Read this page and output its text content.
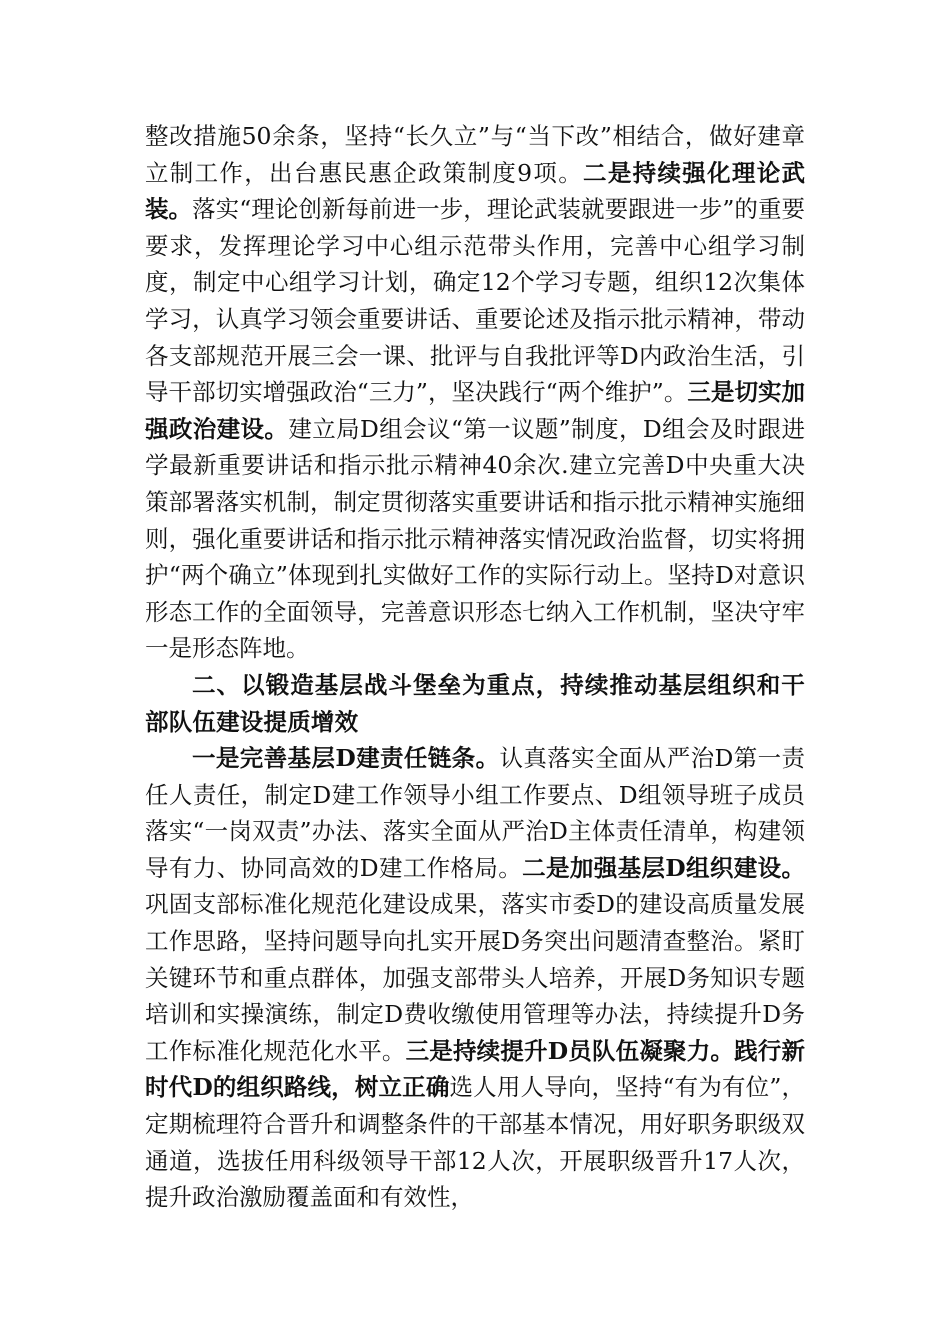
整改措施50余条，坚持“长久立”与“当下改”相结合，做好建章立制工作，出台惠民惠企政策制度9项。二是持续强化理论武装。落实“理论创新每前进一步，理论武装就要跟进一步”的重要要求，发挥理论学习中心组示范带头作用，完善中心组学习制度，制定中心组学习计划，确定12个学习专题，组织12次集体学习，认真学习领会重要讲话、重要论述及指示批示精神，带动各支部规范开展三会一课、批评与自我批评等D内政治生活，引导干部切实增强政治“三力”，坚决践行“两个维护”。三是切实加强政治建设。建立局D组会议“第一议题”制度，D组会及时跟进学最新重要讲话和指示批示精神40余次.建立完善D中央重大决策部署落实机制，制定贯彻落实重要讲话和指示批示精神实施细则，强化重要讲话和指示批示精神落实情况政治监督，切实将拥护“两个确立”体现到扎实做好工作的实际行动上。坚持D对意识形态工作的全面领导，完善意识形态七纳入工作机制，坚决守牢一是形态阵地。

二、以锻造基层战斗堡垒为重点，持续推动基层组织和干部队伍建设提质增效

一是完善基层D建责任链条。认真落实全面从严治D第一责任人责任，制定D建工作领导小组工作要点、D组领导班子成员落实“一岗双责”办法、落实全面从严治D主体责任清单，构建领导有力、协同高效的D建工作格局。二是加强基层D组织建设。巩固支部标准化规范化建设成果，落实市委D的建设高质量发展工作思路，坚持问题导向扎实开展D务突出问题清查整治。紧盯关键环节和重点群体，加强支部带头人培养，开展D务知识专题培训和实操演练，制定D费收缴使用管理等办法，持续提升D务工作标准化规范化水平。三是持续提升D员队伍凝聚力。践行新时代D的组织路线，树立正确选人用人导向，坚持“有为有位”，定期梳理符合晋升和调整条件的干部基本情况，用好职务职级双通道，选拔任用科级领导干部12人次，开展职级晋升17人次，提升政治激励覆盖面和有效性，
